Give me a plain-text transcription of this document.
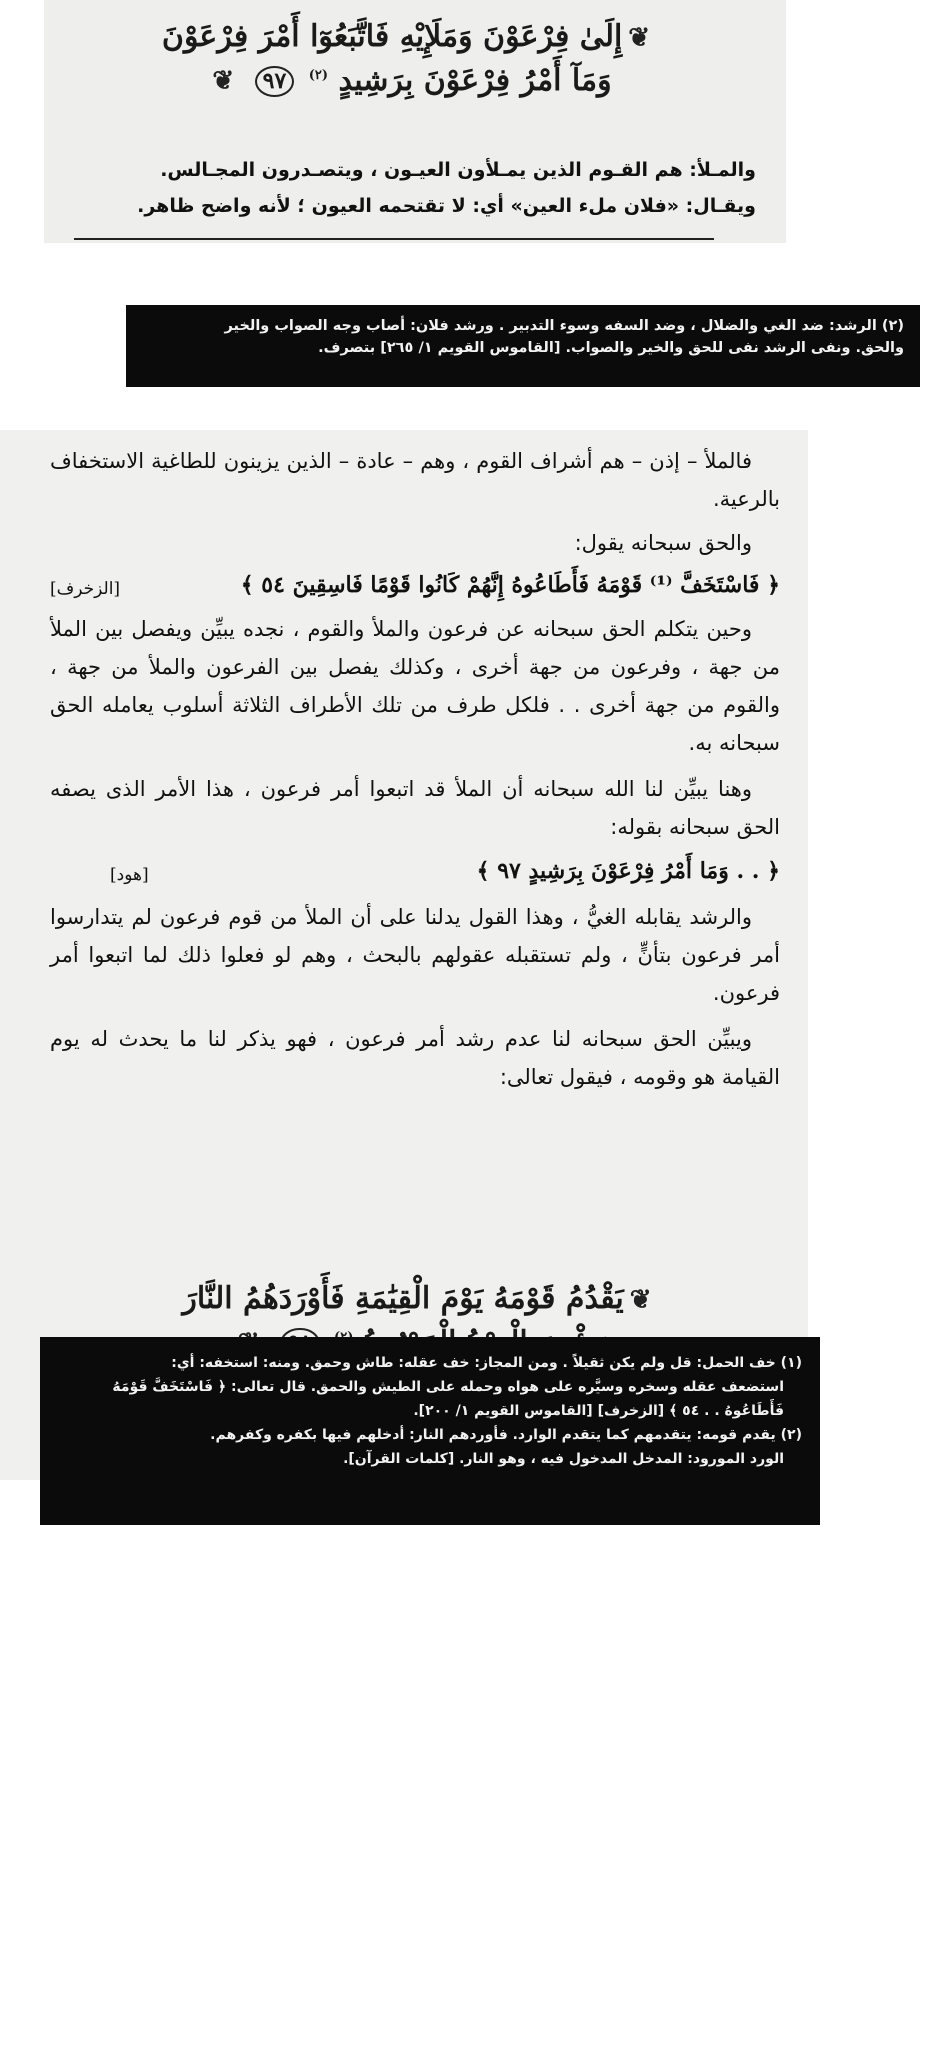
❦إِلَىٰ فِرْعَوْنَ وَمَلَإِيْهِ فَاتَّبَعُوٓا أَمْرَ فِرْعَوْنَ
وَمَآ أَمْرُ فِرْعَوْنَ بِرَشِيدٍ $^{(٢)}$ ٩٧ ❦
والمـلأ: هم القـوم الذين يمـلأون العيـون ، ويتصـدرون المجـالس.
ويقـال: «فلان ملء العين» أي: لا تقتحمه العيون ؛ لأنه واضح ظاهر.
(٢) الرشد: ضد الغي والضلال ، وضد السفه وسوء التدبير . ورشد فلان: أصاب وجه الصواب والخير
والحق. ونفى الرشد نفى للحق والخير والصواب. [القاموس القويم ١/ ٢٦٥] بتصرف.

فالملأ – إذن – هم أشراف القوم ، وهم – عادة – الذين يزينون للطاغية الاستخفاف بالرعية.

والحق سبحانه يقول:

﴿ فَاسْتَخَفَّ ⁽¹⁾ قَوْمَهُ فَأَطَاعُوهُ إِنَّهُمْ كَانُوا قَوْمًا فَاسِقِينَ ٥٤ ﴾
[الزخرف]

وحين يتكلم الحق سبحانه عن فرعون والملأ والقوم ، نجده يبيِّن ويفصل بين الملأ من جهة ، وفرعون من جهة أخرى ، وكذلك يفصل بين الفرعون والملأ من جهة ، والقوم من جهة أخرى . . فلكل طرف من تلك الأطراف الثلاثة أسلوب يعامله الحق سبحانه به.

وهنا يبيِّن لنا الله سبحانه أن الملأ قد اتبعوا أمر فرعون ، هذا الأمر الذى يصفه الحق سبحانه بقوله:

﴿ . . وَمَا أَمْرُ فِرْعَوْنَ بِرَشِيدٍ ٩٧ ﴾
[هود]

والرشد يقابله الغيُّ ، وهذا القول يدلنا على أن الملأ من قوم فرعون لم يتدارسوا أمر فرعون بتأنٍّ ، ولم تستقبله عقولهم بالبحث ، وهم لو فعلوا ذلك لما اتبعوا أمر فرعون.

ويبيِّن الحق سبحانه لنا عدم رشد أمر فرعون ، فهو يذكر لنا ما يحدث له يوم القيامة هو وقومه ، فيقول تعالى:

❦يَقْدُمُ قَوْمَهُ يَوْمَ الْقِيَٰمَةِ فَأَوْرَدَهُمُ النَّارَ

(١) خف الحمل: قل ولم يكن ثقيلاً . ومن المجاز: خف عقله: طاش وحمق. ومنه: استخفه: أي:
استضعف عقله وسخره وسيَّره على هواه وحمله على الطيش والحمق. قال تعالى: ﴿ فَاسْتَخَفَّ قَوْمَهُ
فَأَطَاعُوهُ . . ٥٤ ﴾ [الزخرف] [القاموس القويم ١/ ٢٠٠].
(٢) يقدم قومه: يتقدمهم كما يتقدم الوارد. فأوردهم النار: أدخلهم فيها بكفره وكفرهم.
الورد المورود: المدخل المدخول فيه ، وهو النار. [كلمات القرآن].
